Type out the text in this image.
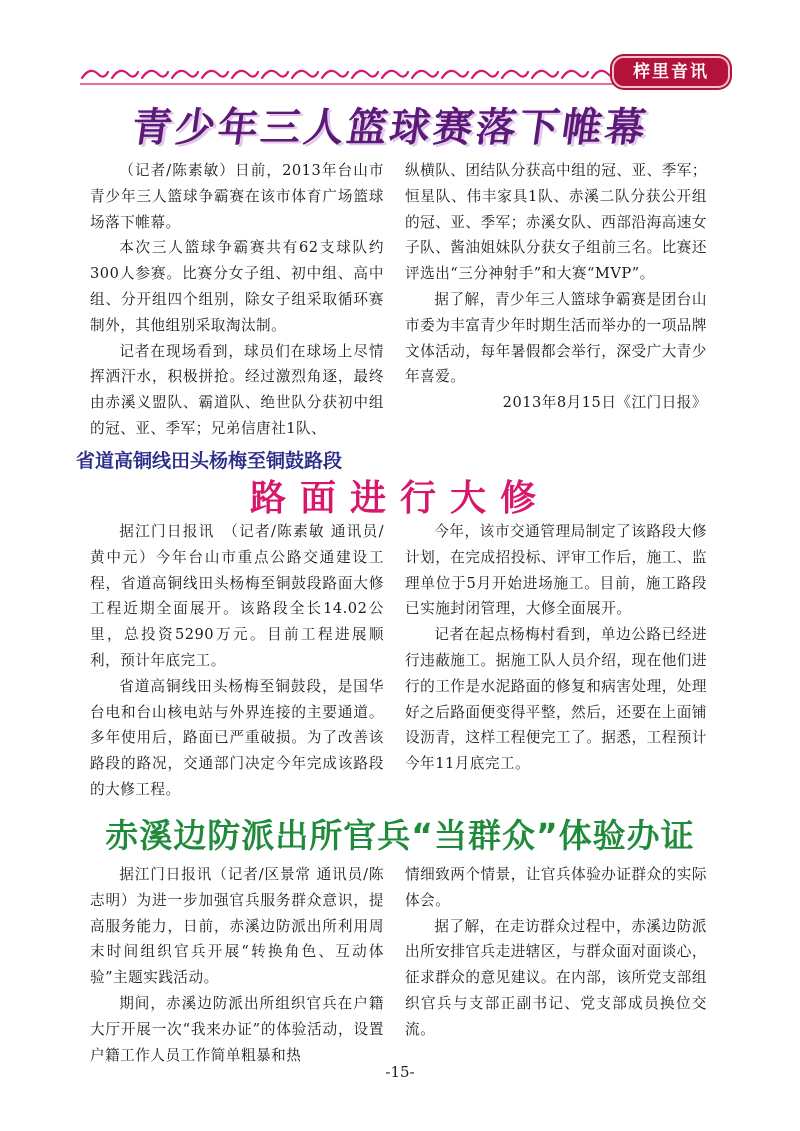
梓里音讯
青少年三人篮球赛落下帷幕

（记者/陈素敏）日前，2013年台山市青少年三人篮球争霸赛在该市体育广场篮球场落下帷幕。

本次三人篮球争霸赛共有62支球队约300人参赛。比赛分女子组、初中组、高中组、分开组四个组别，除女子组采取循环赛制外，其他组别采取淘汰制。

记者在现场看到，球员们在球场上尽情挥洒汗水，积极拼抢。经过激烈角逐，最终由赤溪义盟队、霸道队、绝世队分获初中组的冠、亚、季军；兄弟信唐社1队、

纵横队、团结队分获高中组的冠、亚、季军；恒星队、伟丰家具1队、赤溪二队分获公开组的冠、亚、季军；赤溪女队、西部沿海高速女子队、酱油姐妹队分获女子组前三名。比赛还评选出“三分神射手”和大赛“MVP”。

据了解，青少年三人篮球争霸赛是团台山市委为丰富青少年时期生活而举办的一项品牌文体活动，每年暑假都会举行，深受广大青少年喜爱。

2013年8月15日《江门日报》

省道高铜线田头杨梅至铜鼓路段
路面进行大修

据江门日报讯　（记者/陈素敏 通讯员/黄中元）今年台山市重点公路交通建设工程，省道高铜线田头杨梅至铜鼓段路面大修工程近期全面展开。该路段全长14.02公里，总投资5290万元。目前工程进展顺利，预计年底完工。

省道高铜线田头杨梅至铜鼓段，是国华台电和台山核电站与外界连接的主要通道。多年使用后，路面已严重破损。为了改善该路段的路况，交通部门决定今年完成该路段的大修工程。

今年，该市交通管理局制定了该路段大修计划，在完成招投标、评审工作后，施工、监理单位于5月开始进场施工。目前，施工路段已实施封闭管理，大修全面展开。

记者在起点杨梅村看到，单边公路已经进行违蔽施工。据施工队人员介绍，现在他们进行的工作是水泥路面的修复和病害处理，处理好之后路面便变得平整，然后，还要在上面铺设沥青，这样工程便完工了。据悉，工程预计今年11月底完工。

赤溪边防派出所官兵“当群众”体验办证

据江门日报讯（记者/区景常 通讯员/陈志明）为进一步加强官兵服务群众意识，提高服务能力，日前，赤溪边防派出所利用周末时间组织官兵开展“转换角色、互动体验”主题实践活动。

期间，赤溪边防派出所组织官兵在户籍大厅开展一次“我来办证”的体验活动，设置户籍工作人员工作简单粗暴和热

情细致两个情景，让官兵体验办证群众的实际体会。

据了解，在走访群众过程中，赤溪边防派出所安排官兵走进辖区，与群众面对面谈心，征求群众的意见建议。在内部，该所党支部组织官兵与支部正副书记、党支部成员换位交流。

-15-
